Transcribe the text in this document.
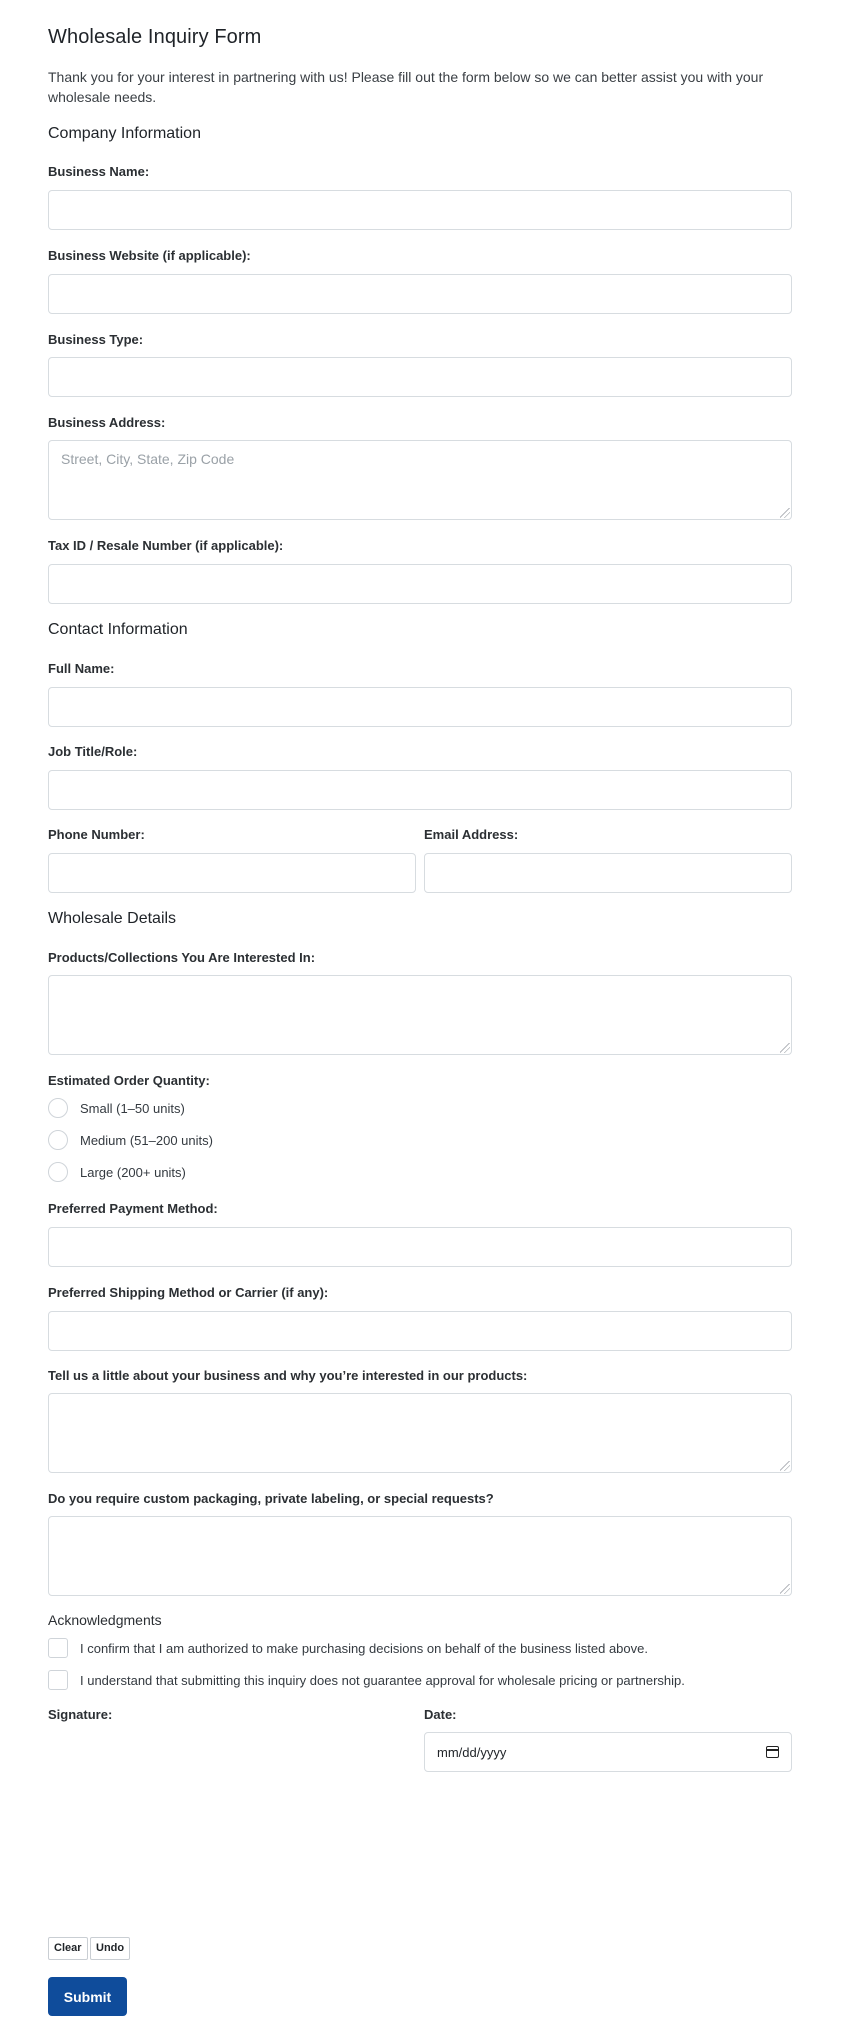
Wholesale Inquiry Form
Thank you for your interest in partnering with us! Please fill out the form below so we can better assist you with your wholesale needs.
Company Information
Business Name:
Business Website (if applicable):
Business Type:
Business Address:
Street, City, State, Zip Code
Tax ID / Resale Number (if applicable):
Contact Information
Full Name:
Job Title/Role:
Phone Number:	Email Address:
Wholesale Details
Products/Collections You Are Interested In:
Estimated Order Quantity:
Small (1–50 units)
Medium (51–200 units)
Large (200+ units)
Preferred Payment Method:
Preferred Shipping Method or Carrier (if any):
Tell us a little about your business and why you’re interested in our products:
Do you require custom packaging, private labeling, or special requests?
Acknowledgments
I confirm that I am authorized to make purchasing decisions on behalf of the business listed above.
I understand that submitting this inquiry does not guarantee approval for wholesale pricing or partnership.
Signature:	Date:
mm/dd/yyyy
Clear	Undo
Submit
